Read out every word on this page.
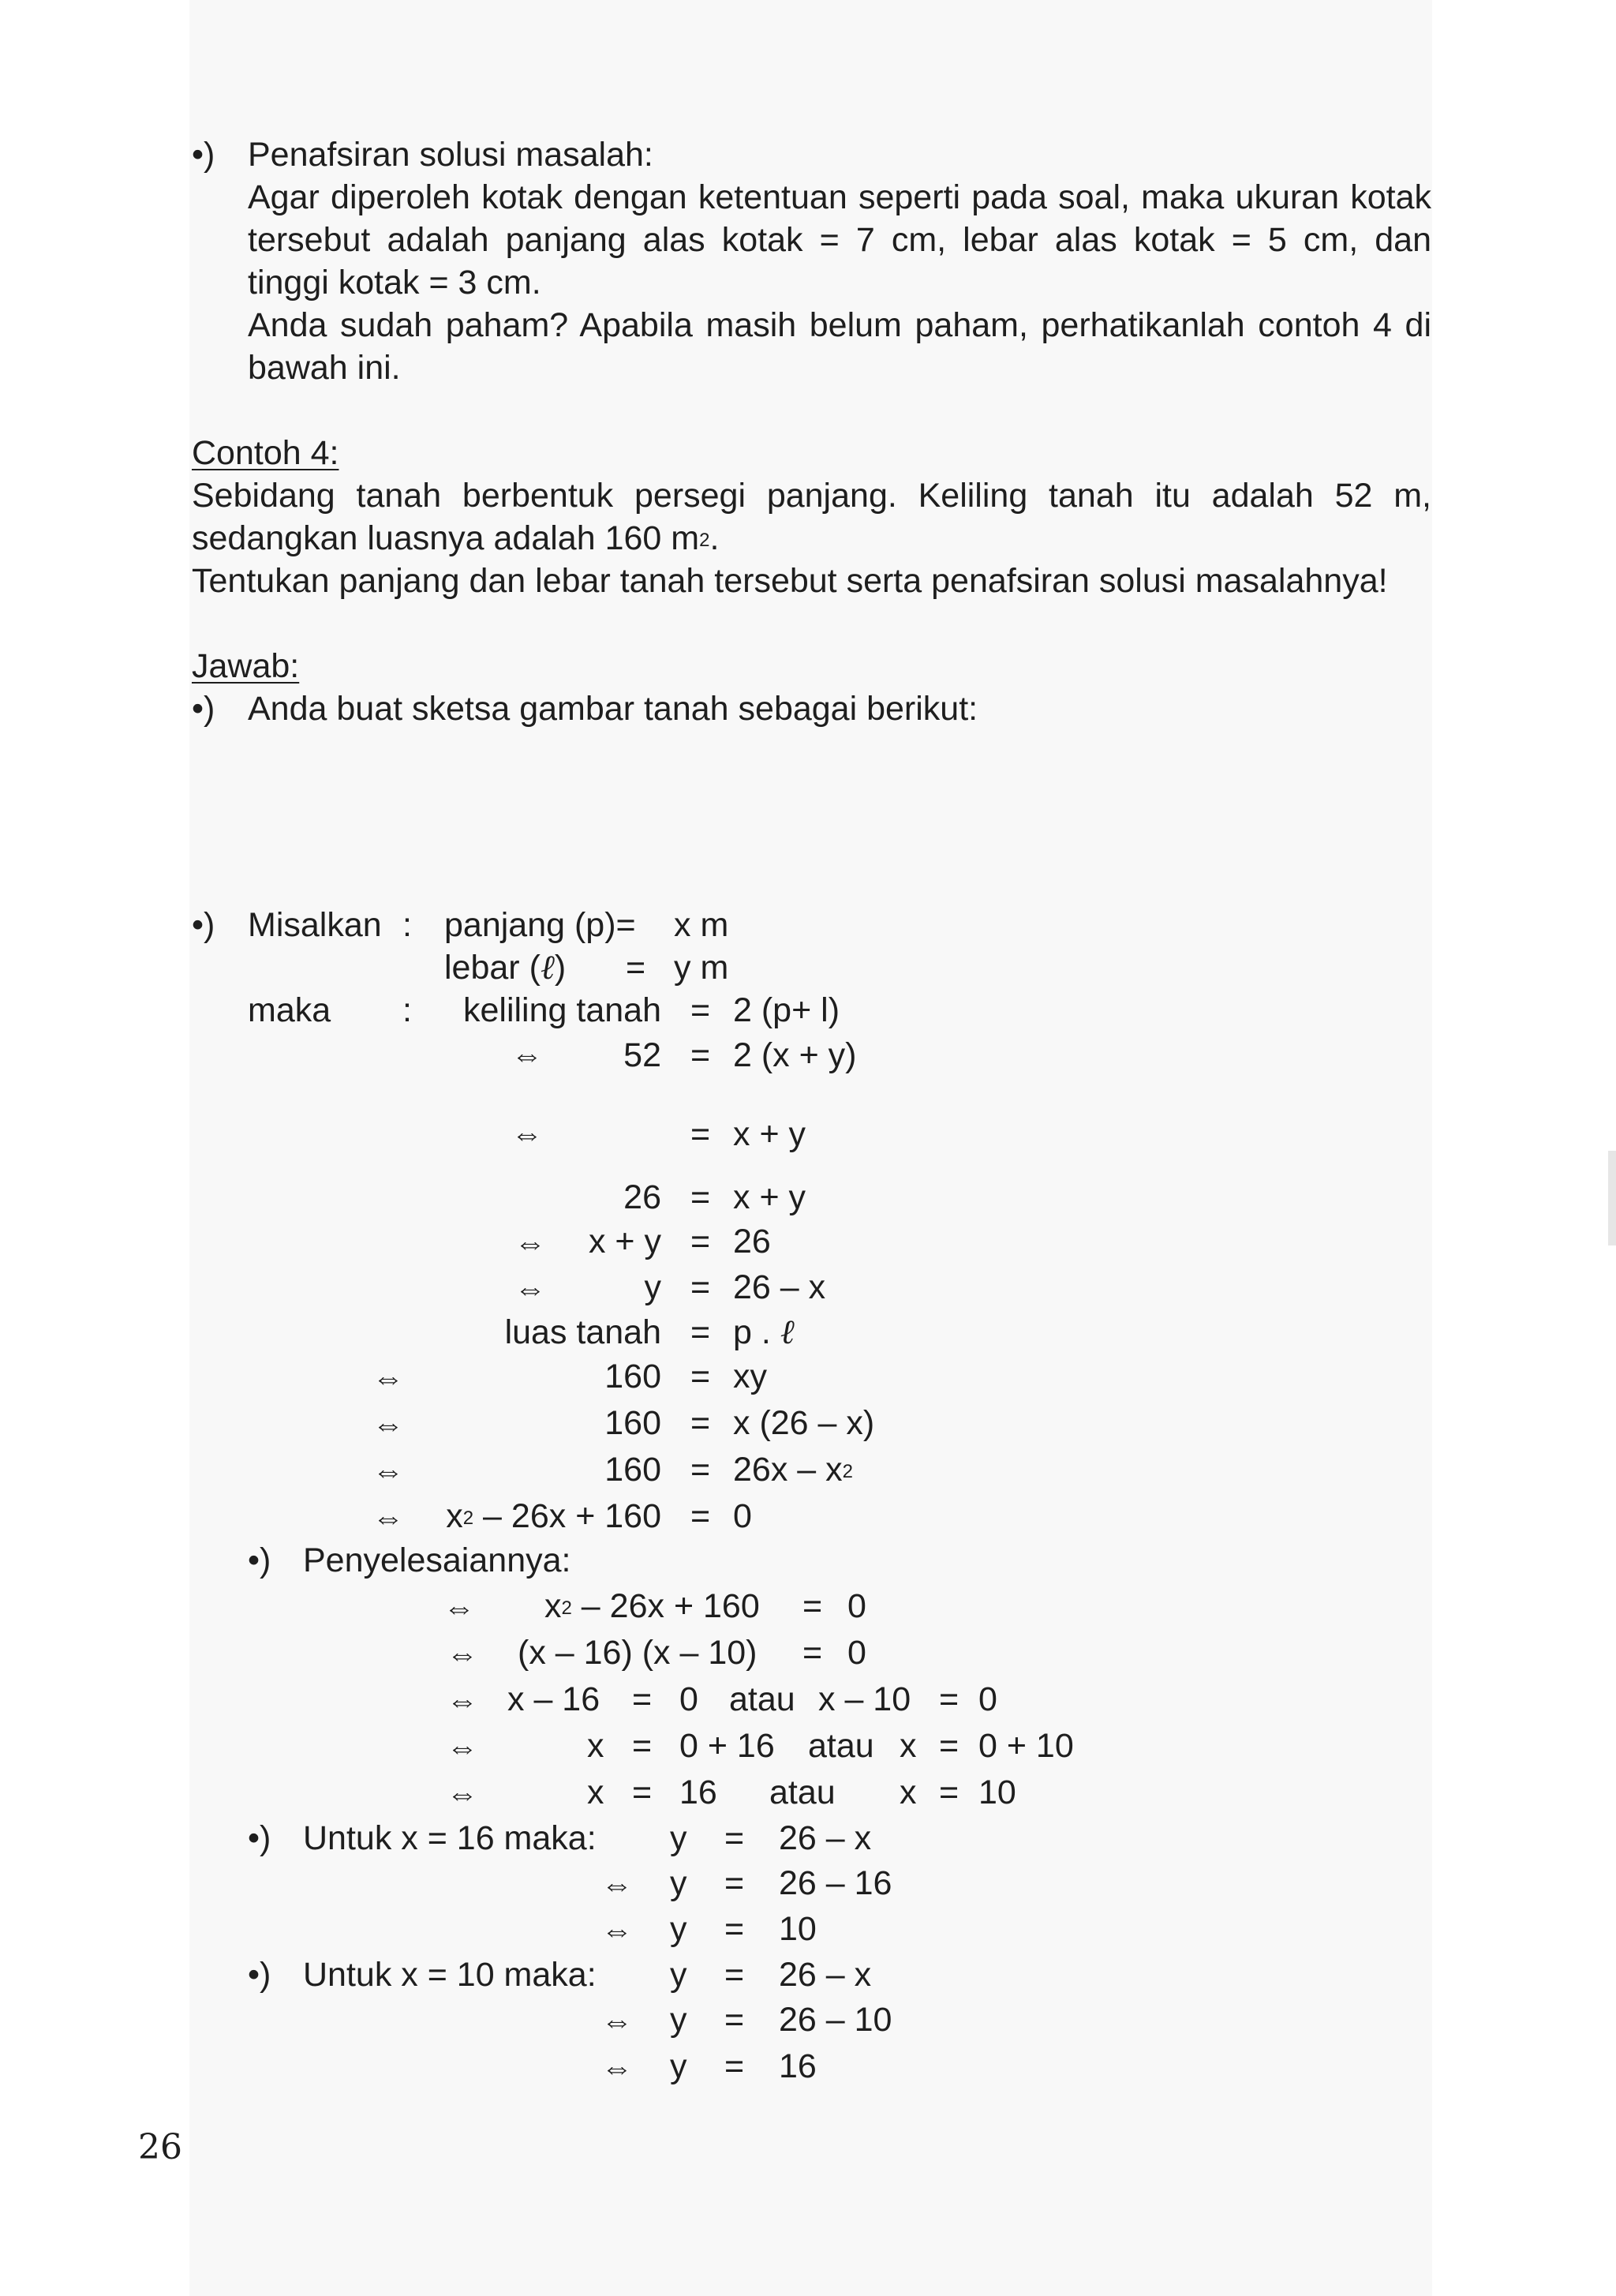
•) Penafsiran solusi masalah:
Agar diperoleh kotak dengan ketentuan seperti pada soal, maka ukuran kotak
tersebut adalah panjang alas kotak = 7 cm, lebar alas kotak = 5 cm, dan
tinggi kotak = 3 cm.
Anda sudah paham? Apabila masih belum paham, perhatikanlah contoh 4 di
bawah ini.
Contoh 4:
Sebidang tanah berbentuk persegi panjang. Keliling tanah itu adalah 52 m,
sedangkan luasnya adalah 160 $m^2$.
Tentukan panjang dan lebar tanah tersebut serta penafsiran solusi masalahnya!
Jawab:
•) Anda buat sketsa gambar tanah sebagai berikut:
•) Misalkan : panjang (p)= x m
lebar (ℓ) = y m
maka :	keliling tanah = 2 (p+ l)
⇔	52 = 2 (x + y)
⇔	= x + y
26 = x + y
⇔	x + y = 26
⇔	y = 26 – x
luas tanah = p . ℓ
⇔	160 = xy
⇔	160 = x (26 – x)
⇔	$160 = 26x - x^2$
⇔	$x^2 - 26x + 160 = 0$
•) Penyelesaiannya:
⇔ $x^2 - 26x + 160 = 0$
⇔ (x – 16) (x – 10) = 0
⇔ x – 16 = 0 atau x – 10 = 0
⇔	x = 0 + 16 atau x = 0 + 10
⇔	x = 16 atau x = 10
•) Untuk x = 16 maka: y = 26 – x
⇔ y = 26 – 16
⇔ y = 10
•) Untuk x = 10 maka: y = 26 – x
⇔ y = 26 – 10
⇔ y = 16
26
